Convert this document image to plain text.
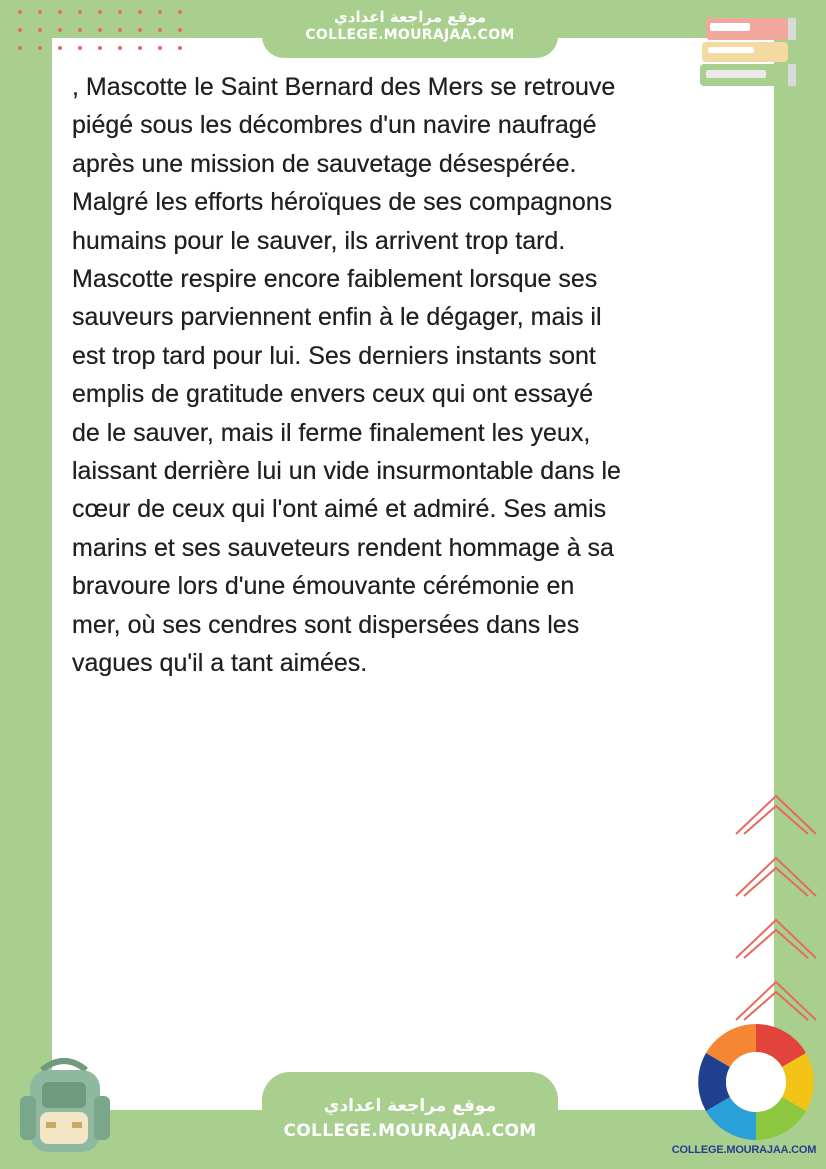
موقع مراجعة اعدادي
COLLEGE.MOURAJAA.COM

, Mascotte le Saint Bernard des Mers se retrouve
piégé sous les décombres d'un navire naufragé
après une mission de sauvetage désespérée.
Malgré les efforts héroïques de ses compagnons
humains pour le sauver, ils arrivent trop tard.
Mascotte respire encore faiblement lorsque ses
sauveurs parviennent enfin à le dégager, mais il
est trop tard pour lui. Ses derniers instants sont
emplis de gratitude envers ceux qui ont essayé
de le sauver, mais il ferme finalement les yeux,
laissant derrière lui un vide insurmontable dans le
cœur de ceux qui l'ont aimé et admiré. Ses amis
marins et ses sauveteurs rendent hommage à sa
bravoure lors d'une émouvante cérémonie en
mer, où ses cendres sont dispersées dans les
vagues qu'il a tant aimées.

موقع مراجعة اعدادي
COLLEGE.MOURAJAA.COM
COLLEGE.MOURAJAA.COM
